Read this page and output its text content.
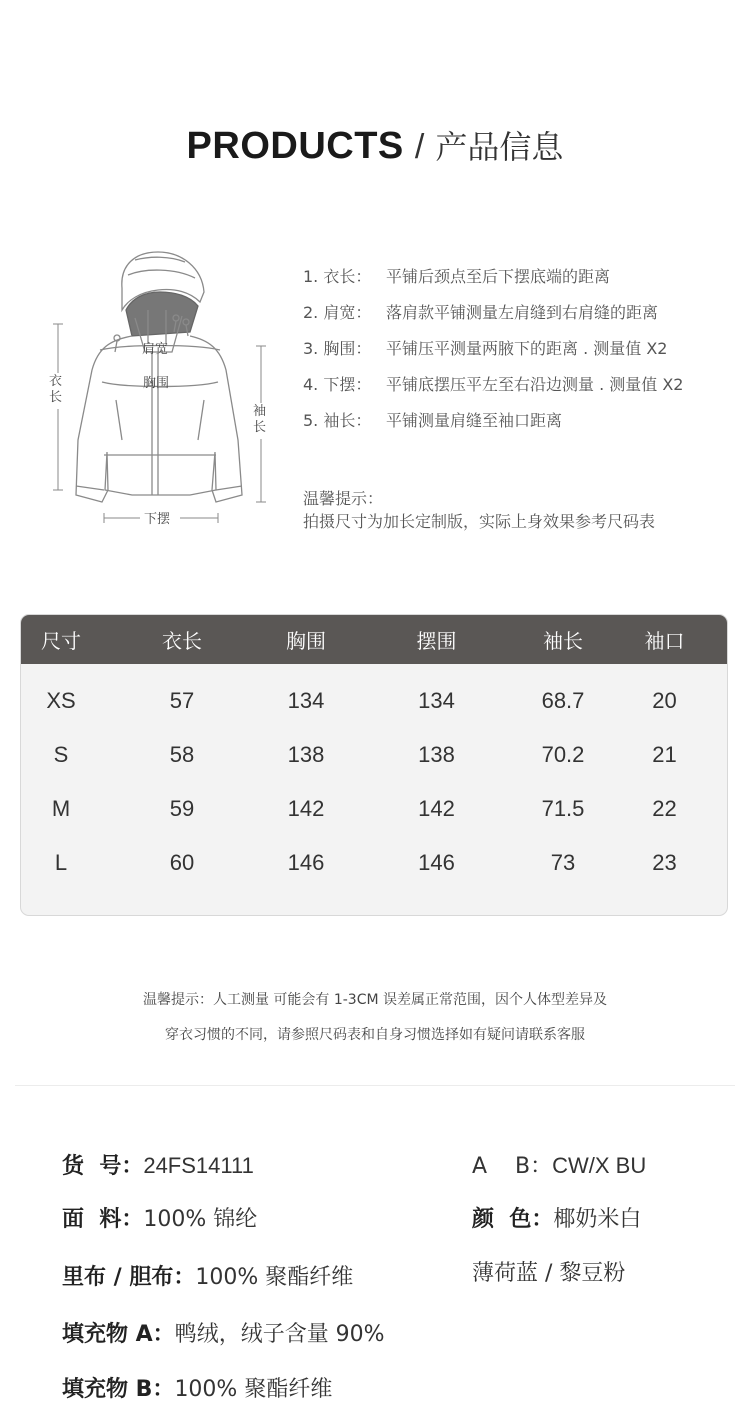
PRODUCTS / 产品信息
肩宽
胸围
衣长
袖长
下摆
1. 衣长： 平铺后颈点至后下摆底端的距离
2. 肩宽： 落肩款平铺测量左肩缝到右肩缝的距离
3. 胸围： 平铺压平测量两腋下的距离 . 测量值 X2
4. 下摆： 平铺底摆压平左至右沿边测量 . 测量值 X2
5. 袖长： 平铺测量肩缝至袖口距离
温馨提示：
拍摄尺寸为加长定制版，实际上身效果参考尺码表
尺寸	衣长	胸围	摆围	袖长	袖口
XS	57	134	134	68.7	20
S	58	138	138	70.2	21
M	59	142	142	71.5	22
L	60	146	146	73	23
温馨提示：人工测量 可能会有 1-3CM 误差属正常范围，因个人体型差异及
穿衣习惯的不同，请参照尺码表和自身习惯选择如有疑问请联系客服
货  号：24FS14111	A    B：CW/X BU
面  料：100% 锦纶	颜  色：椰奶米白
薄荷蓝 / 黎豆粉
里布 / 胆布：100% 聚酯纤维
填充物 A：鸭绒，绒子含量 90%
填充物 B：100% 聚酯纤维
